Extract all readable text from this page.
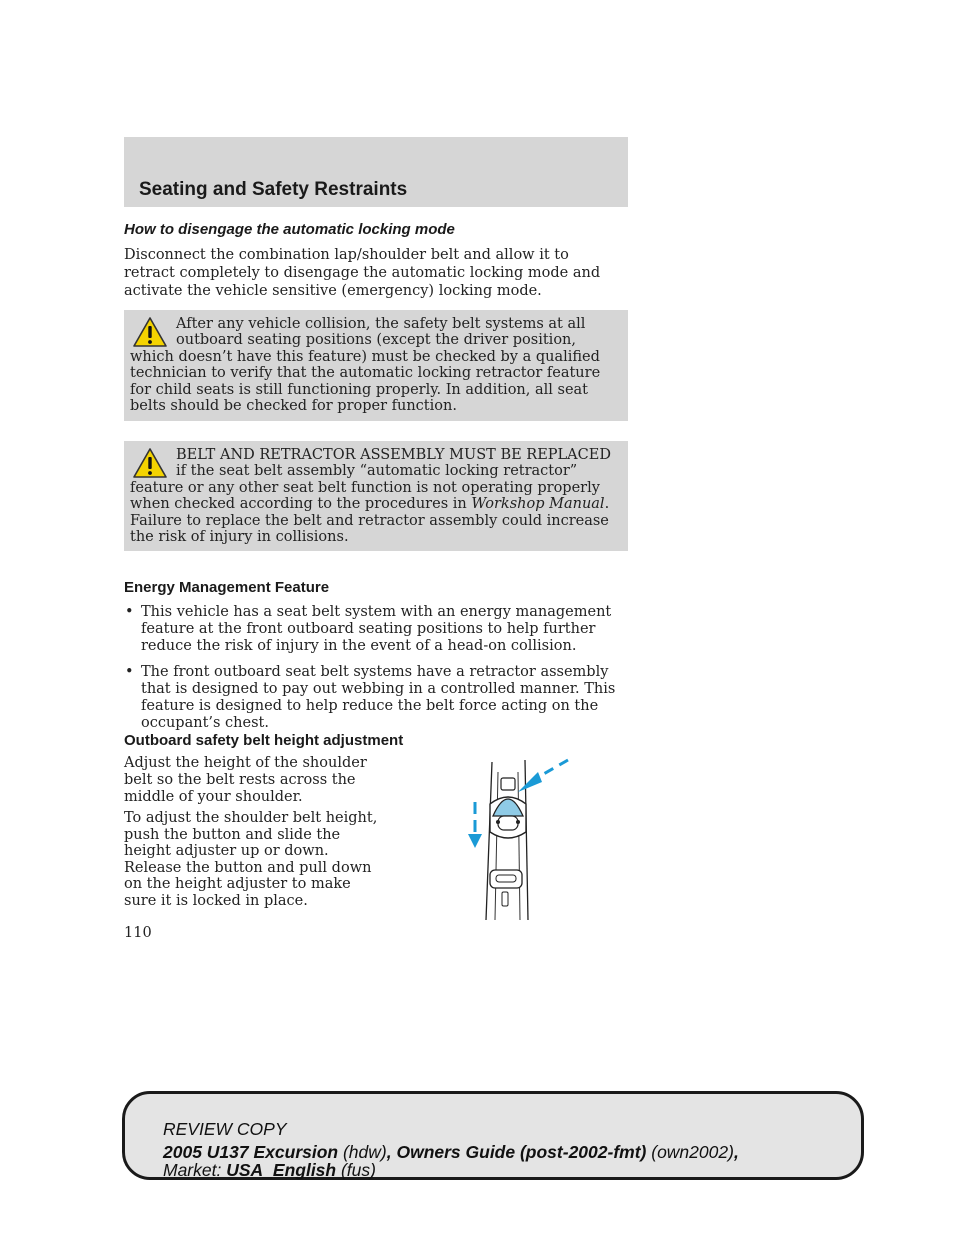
Seating and Safety Restraints
How to disengage the automatic locking mode
Disconnect the combination lap/shoulder belt and allow it to retract completely to disengage the automatic locking mode and activate the vehicle sensitive (emergency) locking mode.
After any vehicle collision, the safety belt systems at all outboard seating positions (except the driver position, which doesn’t have this feature) must be checked by a qualified technician to verify that the automatic locking retractor feature for child seats is still functioning properly. In addition, all seat belts should be checked for proper function.
BELT AND RETRACTOR ASSEMBLY MUST BE REPLACED if the seat belt assembly “automatic locking retractor” feature or any other seat belt function is not operating properly when checked according to the procedures in Workshop Manual. Failure to replace the belt and retractor assembly could increase the risk of injury in collisions.
Energy Management Feature
• This vehicle has a seat belt system with an energy management feature at the front outboard seating positions to help further reduce the risk of injury in the event of a head-on collision.
• The front outboard seat belt systems have a retractor assembly that is designed to pay out webbing in a controlled manner. This feature is designed to help reduce the belt force acting on the occupant’s chest.
Outboard safety belt height adjustment
Adjust the height of the shoulder belt so the belt rests across the middle of your shoulder.
To adjust the shoulder belt height, push the button and slide the height adjuster up or down. Release the button and pull down on the height adjuster to make sure it is locked in place.
110
REVIEW COPY
2005 U137 Excursion (hdw), Owners Guide (post-2002-fmt) (own2002),
Market: USA_English (fus)
